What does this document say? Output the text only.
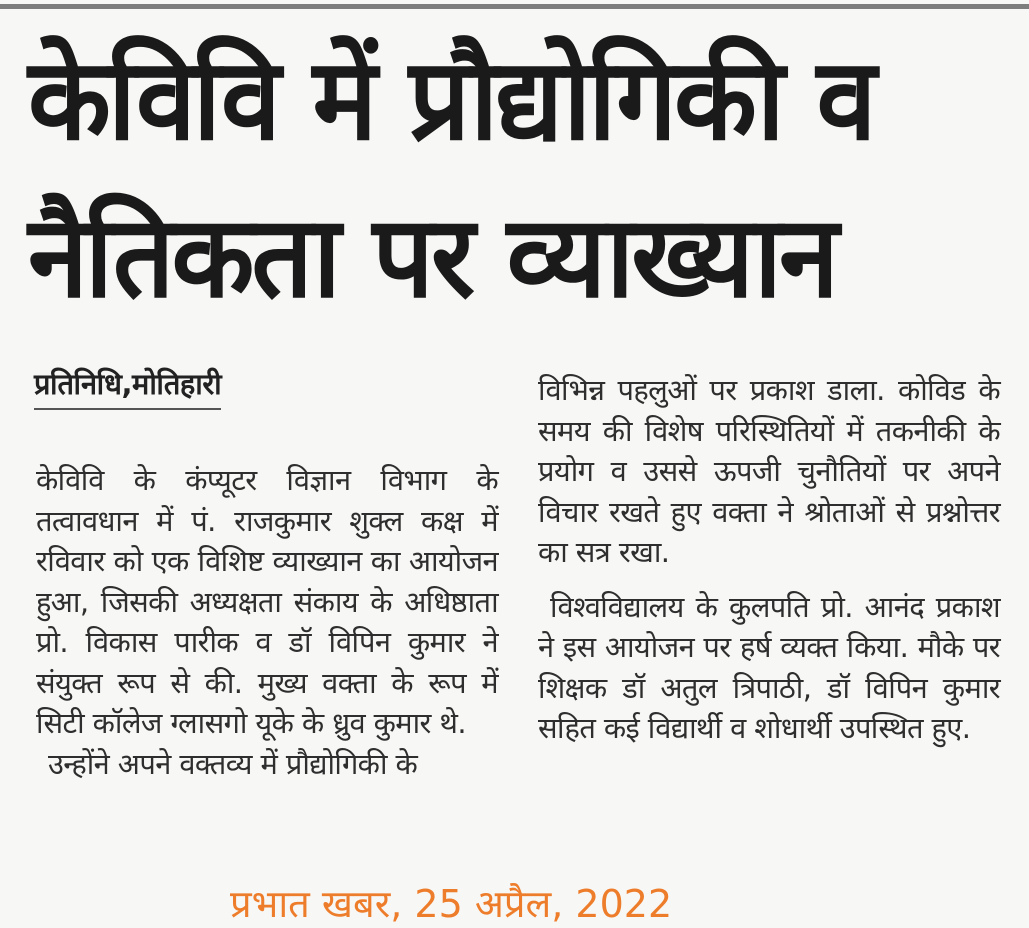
केविवि में प्रौद्योगिकी व
नैतिकता पर व्याख्यान
प्रतिनिधि,मोतिहारी

केविवि के कंप्यूटर विज्ञान विभाग के तत्वावधान में पं. राजकुमार शुक्ल कक्ष में रविवार को एक विशिष्ट व्याख्यान का आयोजन हुआ, जिसकी अध्यक्षता संकाय के अधिष्ठाता प्रो. विकास पारीक व डॉ विपिन कुमार ने संयुक्त रूप से की. मुख्य वक्ता के रूप में सिटी कॉलेज ग्लासगो यूके के ध्रुव कुमार थे.

उन्होंने अपने वक्तव्य में प्रौद्योगिकी के

विभिन्न पहलुओं पर प्रकाश डाला. कोविड के समय की विशेष परिस्थितियों में तकनीकी के प्रयोग व उससे ऊपजी चुनौतियों पर अपने विचार रखते हुए वक्ता ने श्रोताओं से प्रश्नोत्तर का सत्र रखा.

विश्वविद्यालय के कुलपति प्रो. आनंद प्रकाश ने इस आयोजन पर हर्ष व्यक्त किया. मौके पर शिक्षक डॉ अतुल त्रिपाठी, डॉ विपिन कुमार सहित कई विद्यार्थी व शोधार्थी उपस्थित हुए.

प्रभात खबर, 25 अप्रैल, 2022
